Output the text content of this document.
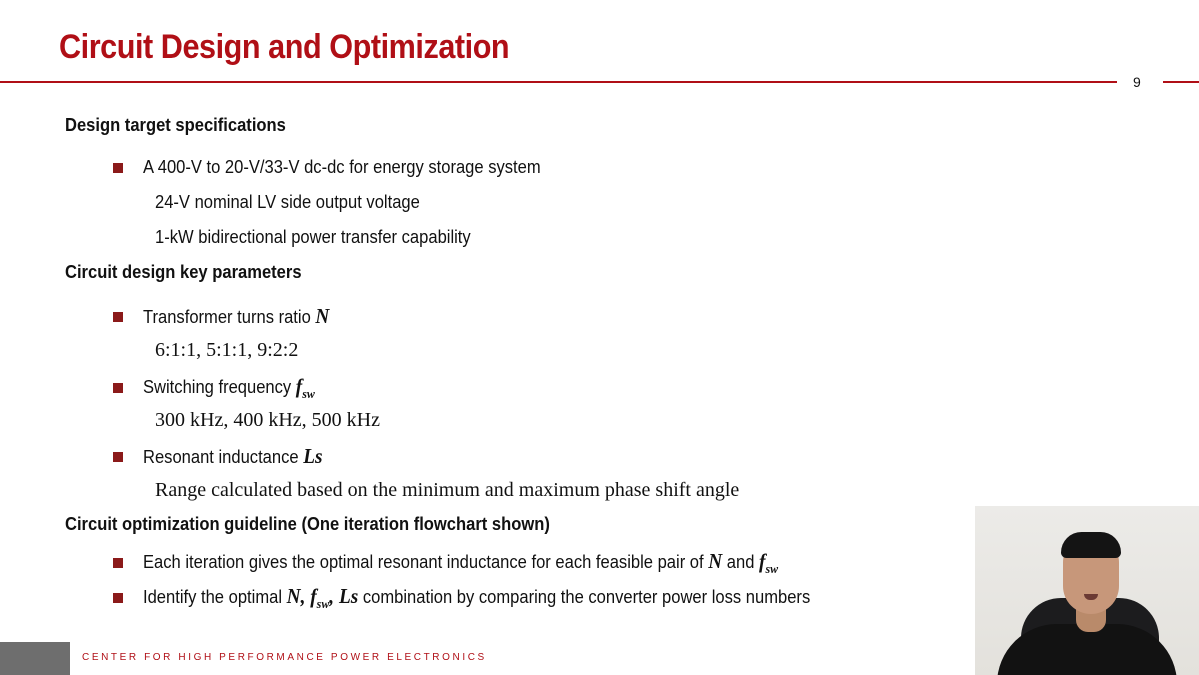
Circuit Design and Optimization
9
Design target specifications
A 400-V to 20-V/33-V dc-dc for energy storage system
24-V nominal LV side output voltage
1-kW bidirectional power transfer capability
Circuit design key parameters
Transformer turns ratio N
6:1:1, 5:1:1, 9:2:2
Switching frequency $f_{sw}$
300 kHz, 400 kHz, 500 kHz
Resonant inductance Ls
Range calculated based on the minimum and maximum phase shift angle
Circuit optimization guideline (One iteration flowchart shown)
Each iteration gives the optimal resonant inductance for each feasible pair of N and $f_{sw}$
Identify the optimal N, $f_{sw}$, Ls combination by comparing the converter power loss numbers
CENTER FOR HIGH PERFORMANCE POWER ELECTRONICS
